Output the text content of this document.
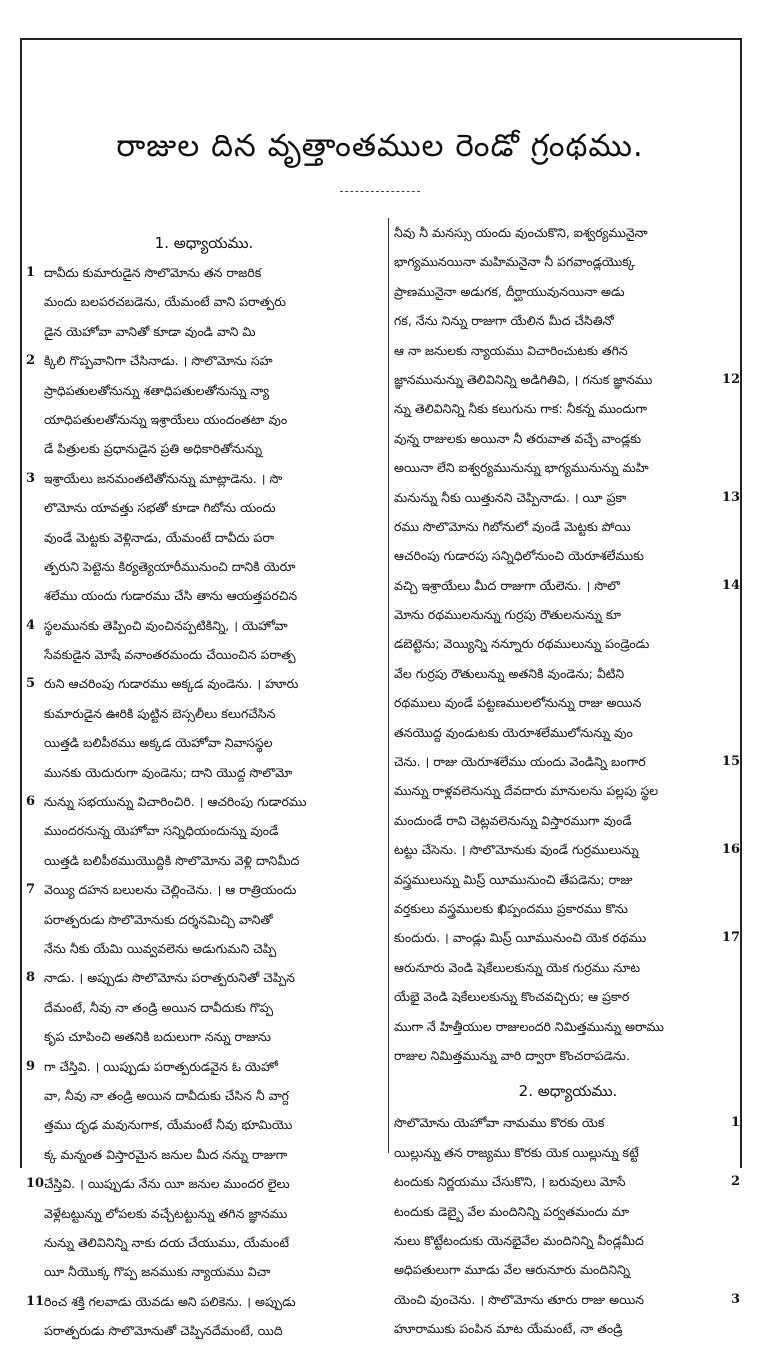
రాజుల దిన వృత్తాంతముల రెండో గ్రంథము.
1. అధ్యాయము.
1 దావీదు కుమారుడైన సొలొమోను తన రాజరిక
మందు బలపరచబడెను, యేమంటే వాని పరాత్పరు
డైన యెహోవా వానితో కూడా వుండి వాని మి
2 క్కిలి గొప్పవానిగా చేసినాడు. । సొలొమోను సహ
స్రాధిపతులతోనున్ను శతాధిపతులతోనున్ను న్యా
యాధిపతులతోనున్ను ఇశ్రాయేలు యందంతటా వుం
డే పిత్రులకు ప్రధానుడైన ప్రతి అధికారితోనున్ను
3 ఇశ్రాయేలు జనమంతటితోనున్ను మాట్లాడెను. । సొ
లొమోను యావత్తు సభతో కూడా గిబోను యందు
వుండే మెట్టకు వెళ్లినాడు, యేమంటే దావీదు పరా
త్పరుని పెట్టెను కిర్యత్యెయారీమునుంచి దానికి యెరూ
శలేము యందు గుడారము చేసి తాను ఆయత్తపరచిన
4 స్థలమునకు తెప్పించి వుంచినప్పటికిన్ని, । యెహోవా
సేవకుడైన మోషే వనాంతరమందు చేయించిన పరాత్ప
5 రుని ఆచరింపు గుడారము అక్కడ వుండెను. । హూరు
కుమారుడైన ఊరికి పుట్టిన బెస్సలీలు కలుగచేసిన
యిత్తడి బలిపీఠము అక్కడ యెహోవా నివాసస్థల
మునకు యెదురుగా వుండెను; దాని యొద్ద సొలొమో
6 నున్ను సభయున్ను విచారించిరి. । ఆచరింపు గుడారము
ముందరనున్న యెహోవా సన్నిధియందున్ను వుండే
యిత్తడి బలిపీఠముయొద్దికి సొలొమోను వెళ్లి దానిమీద
7 వెయ్యి దహన బలులను చెల్లించెను. । ఆ రాత్రియందు
పరాత్పరుడు సొలొమోనుకు దర్శనమిచ్చి వానితో
నేను నీకు యేమి యివ్వవలెను అడుగుమని చెప్పి
8 నాడు. । అప్పుడు సొలొమోను పరాత్పరునితో చెప్పిన
దేమంటే, నీవు నా తండ్రి అయిన దావీదుకు గొప్ప
కృప చూపించి అతనికి బదులుగా నన్ను రాజును
9 గా చేస్తివి. । యిప్పుడు పరాత్పరుడవైన ఓ యెహో
వా, నీవు నా తండ్రి అయిన దావీదుకు చేసిన నీ వాగ్ద
త్తము దృఢ మవునుగాక, యేమంటే నీవు భూమియొ
క్క మన్నంత విస్తారమైన జనుల మీద నన్ను రాజుగా
10 చేస్తివి. । యిప్పుడు నేను యీ జనుల ముందర లైలు
వెళ్లేటట్టున్ను లోపలకు వచ్చేటట్టున్ను తగిన జ్ఞానము
నున్ను తెలివినిన్ని నాకు దయ చేయుము, యేమంటే
యీ నీయొక్క గొప్ప జనముకు న్యాయము విచా
11 రించ శక్తి గలవాడు యెవడు అని పలికెను. । అప్పుడు
పరాత్పరుడు సొలొమోనుతో చెప్పినదేమంటే, యిది
నీవు నీ మనస్సు యందు వుంచుకొని, ఐశ్వర్యమునైనా
భాగ్యమునయినా మహిమనైనా నీ పగవాండ్లయొక్క
ప్రాణమునైనా అడుగక, దీర్ఘాయువునయినా అడు
గక, నేను నిన్ను రాజుగా యేలిన మీద చేసితినో
ఆ నా జనులకు న్యాయము విచారించుటకు తగిన
12
జ్ఞానమునున్ను తెలివినిన్ని అడిగితివి, । గనుక జ్ఞానము
న్ను తెలివినిన్ని నీకు కలుగును గాక: నీకన్న ముందుగా
వున్న రాజులకు అయినా నీ తరువాత వచ్చే వాండ్లకు
అయినా లేని ఐశ్వర్యమునున్ను భాగ్యమునున్ను మహి
13
మనున్ను నీకు యిత్తునని చెప్పినాడు. । యీ ప్రకా
రము సొలొమోను గిబోనులో వుండే మెట్టకు పోయి
ఆచరింపు గుడారపు సన్నిధిలోనుంచి యెరూశలేముకు
14
వచ్చి ఇశ్రాయేలు మీద రాజుగా యేలెను. । సొలొ
మోను రథములనున్ను గుర్రపు రౌతులనున్ను కూ
డబెట్టెను; వెయ్యిన్ని నన్నూరు రథములున్ను పండ్రెండు
వేల గుర్రపు రౌతులున్ను అతనికి వుండెను; వీటిని
రథములు వుండే పట్టణములలోనున్ను రాజు అయిన
తనయొద్ద వుండుటకు యెరూశలేములోనున్ను వుం
15
చెను. । రాజు యెరూశలేము యందు వెండిన్ని బంగార
మున్ను రాళ్లవలెనున్ను దేవదారు మానులను పల్లపు స్థల
మందుండే రావి చెట్లవలెనున్ను విస్తారముగా వుండే
16
టట్టు చేసెను. । సొలొమోనుకు వుండే గుర్రములున్ను
వస్త్రములున్ను మిస్ర్ యీమునుంచి తేపడెను; రాజు
వర్తకులు వస్త్రములకు ఖిప్పందము ప్రకారము కొను
17
కుందురు. । వాండ్లు మిస్ర్ యీమునుంచి యెక రథము
ఆరునూరు వెండి షెకేలులకున్ను యెక గుర్రము నూట
యేభై వెండి షెకేలులకున్ను కొంచవచ్చిరు; ఆ ప్రకార
ముగా నే హిత్తీయుల రాజులందరి నిమిత్తమున్ను అరాము
రాజుల నిమిత్తమున్ను వారి ద్వారా కొంచరాపడెను.
2. అధ్యాయము.
1
సొలొమోను యెహోవా నామము కొరకు యెక
యిల్లున్ను తన రాజ్యము కొరకు యెక యిల్లున్ను కట్టే
2
టందుకు నిర్ణయము చేసుకొని, । బరువులు మోసే
టందుకు డెబ్బై వేల మందినిన్ని పర్వతమందు మా
నులు కొట్టేటందుకు యెనభైవేల మందినిన్ని వీండ్లమీద
అధిపతులుగా మూడు వేల ఆరునూరు మందినిన్ని
3
యెంచి వుంచెను. । సొలొమోను తూరు రాజు అయిన
హూరాముకు పంపిన మాట యేమంటే, నా తండ్రి
